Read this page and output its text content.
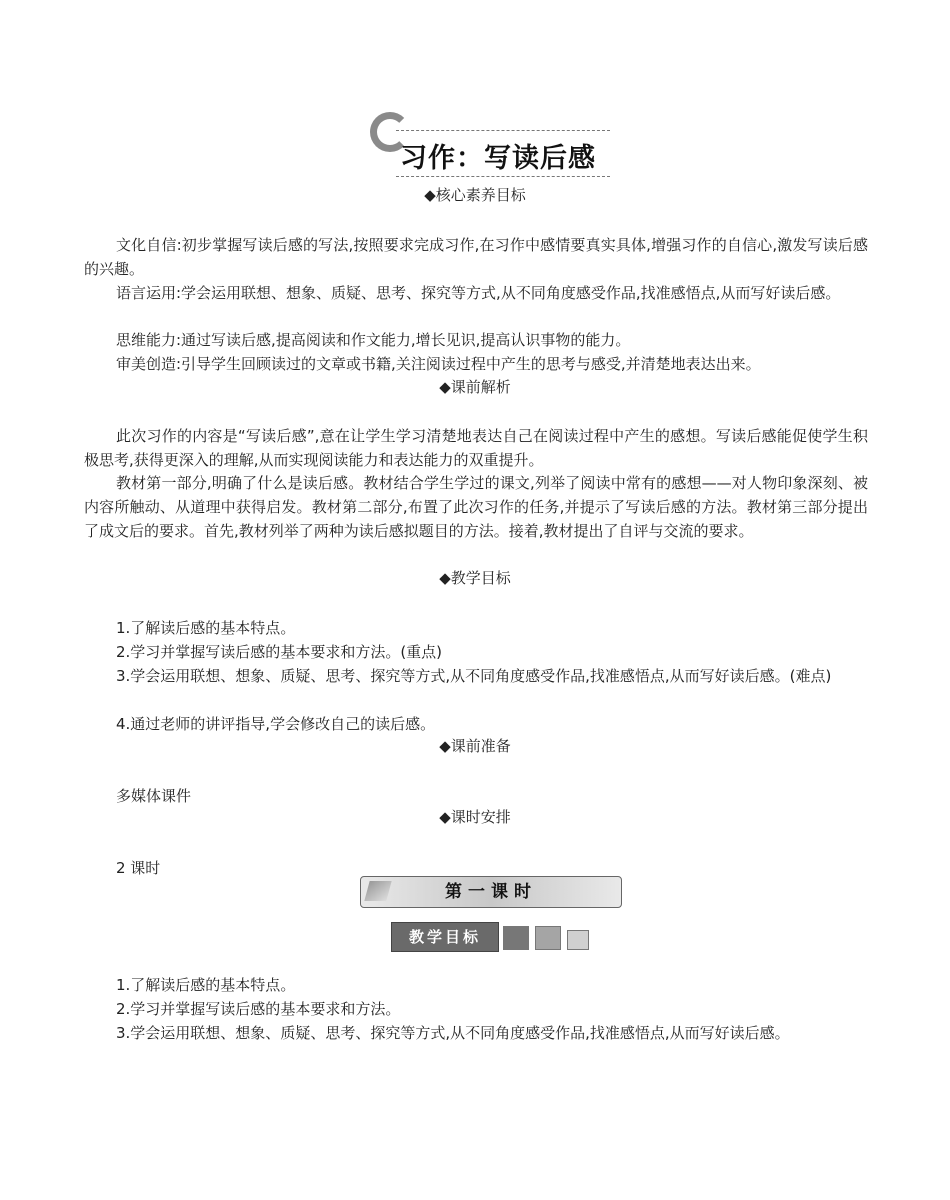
习作：写读后感
◆核心素养目标

文化自信:初步掌握写读后感的写法,按照要求完成习作,在习作中感情要真实具体,增强习作的自信心,激发写读后感的兴趣。

语言运用:学会运用联想、想象、质疑、思考、探究等方式,从不同角度感受作品,找准感悟点,从而写好读后感。

思维能力:通过写读后感,提高阅读和作文能力,增长见识,提高认识事物的能力。

审美创造:引导学生回顾读过的文章或书籍,关注阅读过程中产生的思考与感受,并清楚地表达出来。

◆课前解析

此次习作的内容是“写读后感”,意在让学生学习清楚地表达自己在阅读过程中产生的感想。写读后感能促使学生积极思考,获得更深入的理解,从而实现阅读能力和表达能力的双重提升。

教材第一部分,明确了什么是读后感。教材结合学生学过的课文,列举了阅读中常有的感想——对人物印象深刻、被内容所触动、从道理中获得启发。教材第二部分,布置了此次习作的任务,并提示了写读后感的方法。教材第三部分提出了成文后的要求。首先,教材列举了两种为读后感拟题目的方法。接着,教材提出了自评与交流的要求。

◆教学目标
1.了解读后感的基本特点。
2.学习并掌握写读后感的基本要求和方法。(重点)

3.学会运用联想、想象、质疑、思考、探究等方式,从不同角度感受作品,找准感悟点,从而写好读后感。(难点)

4.通过老师的讲评指导,学会修改自己的读后感。
◆课前准备
多媒体课件
◆课时安排
2 课时
第一课时
教学目标
1.了解读后感的基本特点。
2.学习并掌握写读后感的基本要求和方法。
3.学会运用联想、想象、质疑、思考、探究等方式,从不同角度感受作品,找准感悟点,从而写好读后感。
